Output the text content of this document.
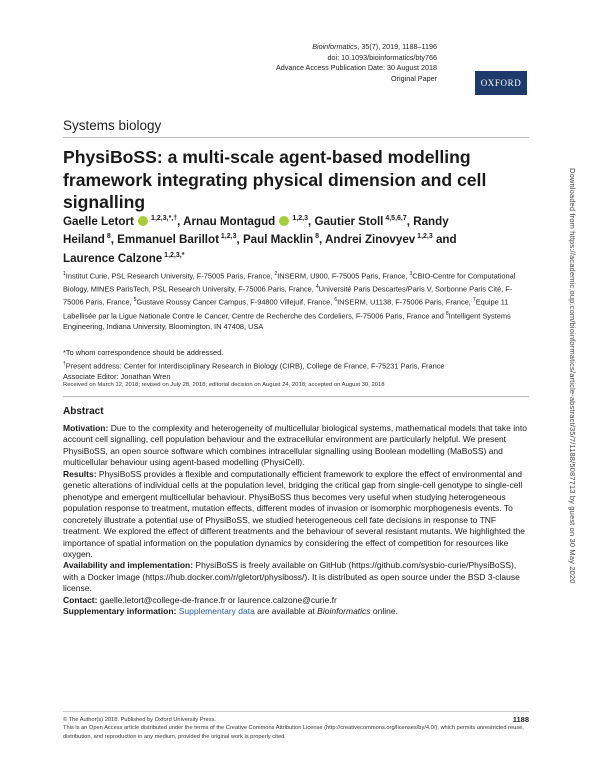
Bioinformatics, 35(7), 2019, 1188–1196
doi: 10.1093/bioinformatics/bty766
Advance Access Publication Date: 30 August 2018
Original Paper	OXFORD
Systems biology
PhysiBoSS: a multi-scale agent-based modelling framework integrating physical dimension and cell signalling
Gaelle Letort  $^{1,2,3,*,\dagger}$, Arnau Montagud  $^{1,2,3}$, Gautier Stoll $^{4,5,6,7}$, Randy Heiland $^8$, Emmanuel Barillot $^{1,2,3}$, Paul Macklin $^8$, Andrei Zinovyev $^{1,2,3}$ and Laurence Calzone $^{1,2,3,*}$
$^1$Institut Curie, PSL Research University, F-75005 Paris, France, $^2$INSERM, U900, F-75005 Paris, France, $^3$CBIO-Centre for Computational Biology, MINES ParisTech, PSL Research University, F-75006 Paris, France, $^4$Université Paris Descartes/Paris V, Sorbonne Paris Cité, F-75006 Paris, France, $^5$Gustave Roussy Cancer Campus, F-94800 Villejuif, France, $^6$INSERM, U1138, F-75006 Paris, France, $^7$Equipe 11 Labellisée par la Ligue Nationale Contre le Cancer, Centre de Recherche des Cordeliers, F-75006 Paris, France and $^8$Intelligent Systems Engineering, Indiana University, Bloomington, IN 47408, USA
*To whom correspondence should be addressed.
†Present address: Center for Interdisciplinary Research in Biology (CIRB), College de France, F-75231 Paris, France
Associate Editor: Jonathan Wren
Received on March 12, 2018; revised on July 28, 2018; editorial decision on August 24, 2018; accepted on August 30, 2018
Abstract

Motivation: Due to the complexity and heterogeneity of multicellular biological systems, mathematical models that take into account cell signalling, cell population behaviour and the extracellular environment are particularly helpful. We present PhysiBoSS, an open source software which combines intracellular signalling using Boolean modelling (MaBoSS) and multicellular behaviour using agent-based modelling (PhysiCell).

Results: PhysiBoSS provides a flexible and computationally efficient framework to explore the effect of environmental and genetic alterations of individual cells at the population level, bridging the critical gap from single-cell genotype to single-cell phenotype and emergent multicellular behaviour. PhysiBoSS thus becomes very useful when studying heterogeneous population response to treatment, mutation effects, different modes of invasion or isomorphic morphogenesis events. To concretely illustrate a potential use of PhysiBoSS, we studied heterogeneous cell fate decisions in response to TNF treatment. We explored the effect of different treatments and the behaviour of several resistant mutants. We highlighted the importance of spatial information on the population dynamics by considering the effect of competition for resources like oxygen.

Availability and implementation: PhysiBoSS is freely available on GitHub (https://github.com/sysbio-curie/PhysiBoSS), with a Docker image (https://hub.docker.com/r/gletort/physiboss/). It is distributed as open source under the BSD 3-clause license.

Contact: gaelle.letort@college-de-france.fr or laurence.calzone@curie.fr

Supplementary information: Supplementary data are available at Bioinformatics online.

Downloaded from https://academic.oup.com/bioinformatics/article-abstract/35/7/1188/5087713 by guest on 30 May 2020
© The Author(s) 2018. Published by Oxford University Press.
This is an Open Access article distributed under the terms of the Creative Commons Attribution License (http://creativecommons.org/licenses/by/4.0/), which permits unrestricted reuse, distribution, and reproduction in any medium, provided the original work is properly cited.
1188
